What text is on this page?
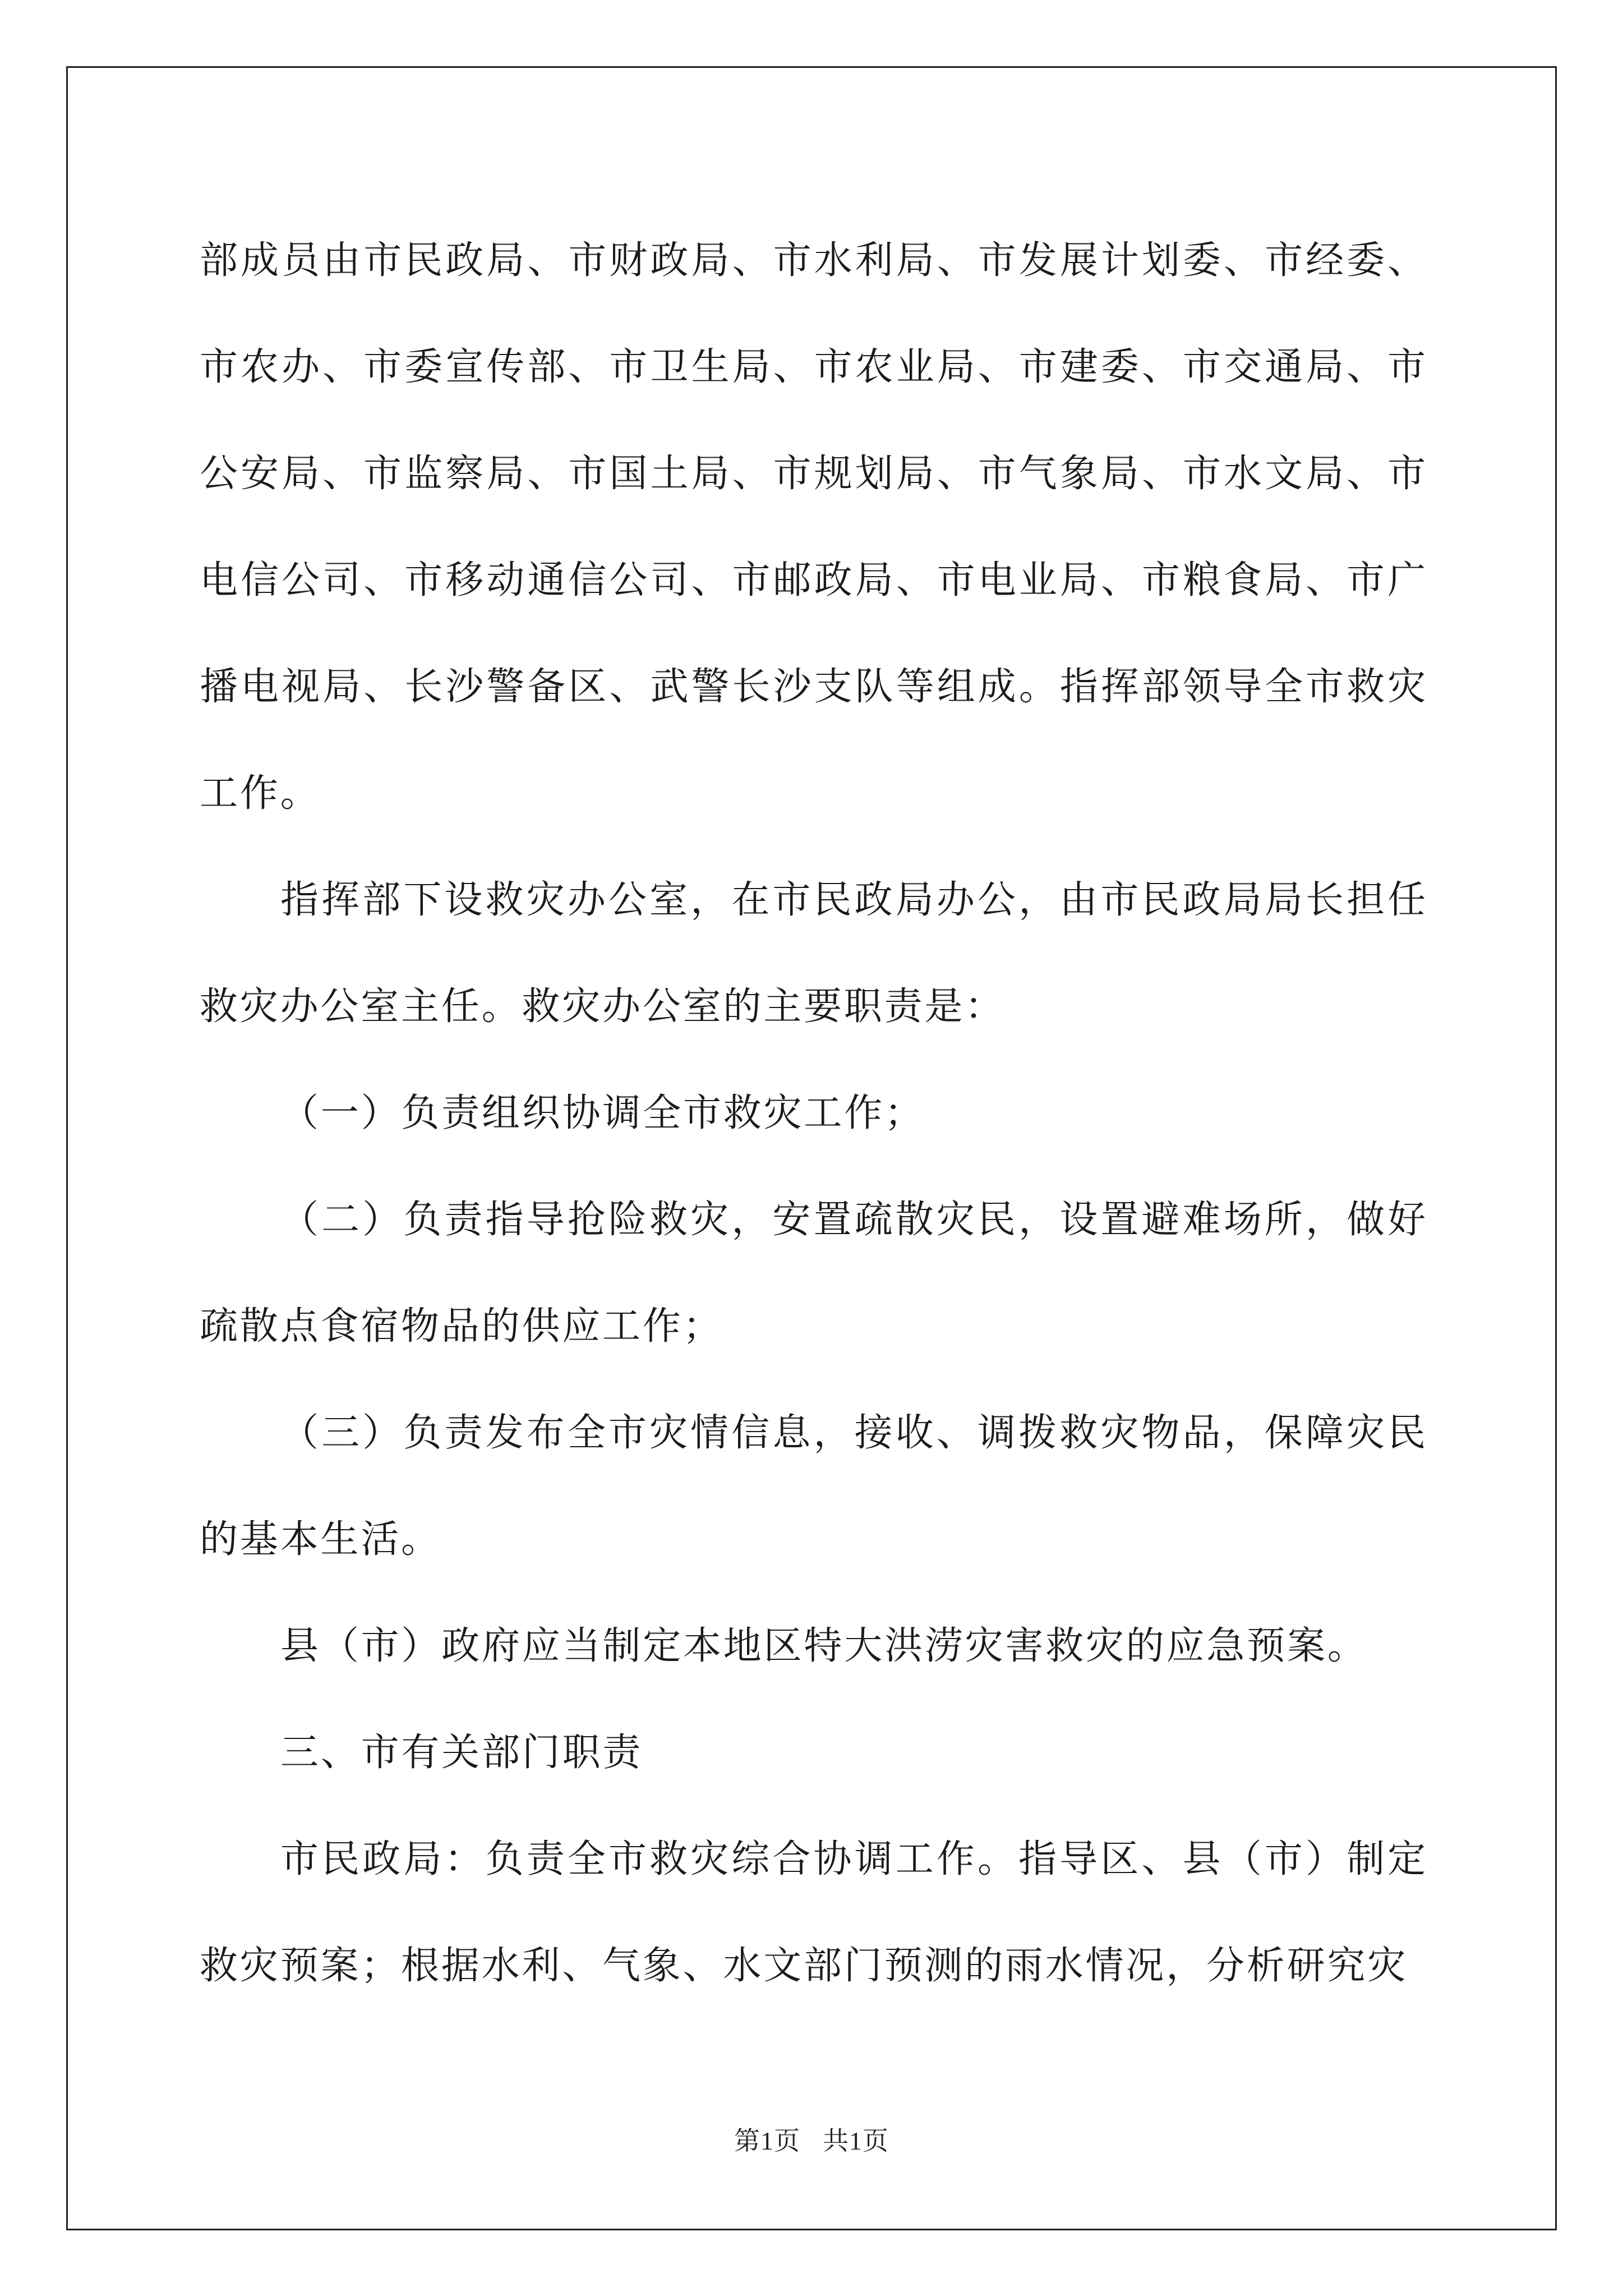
部成员由市民政局、市财政局、市水利局、市发展计划委、市经委、市农办、市委宣传部、市卫生局、市农业局、市建委、市交通局、市公安局、市监察局、市国土局、市规划局、市气象局、市水文局、市电信公司、市移动通信公司、市邮政局、市电业局、市粮食局、市广播电视局、长沙警备区、武警长沙支队等组成。指挥部领导全市救灾工作。

指挥部下设救灾办公室，在市民政局办公，由市民政局局长担任救灾办公室主任。救灾办公室的主要职责是：

（一）负责组织协调全市救灾工作；

（二）负责指导抢险救灾，安置疏散灾民，设置避难场所，做好疏散点食宿物品的供应工作；

（三）负责发布全市灾情信息，接收、调拨救灾物品，保障灾民的基本生活。

县（市）政府应当制定本地区特大洪涝灾害救灾的应急预案。

三、市有关部门职责

市民政局：负责全市救灾综合协调工作。指导区、县（市）制定救灾预案；根据水利、气象、水文部门预测的雨水情况，分析研究灾

第1页 共1页
